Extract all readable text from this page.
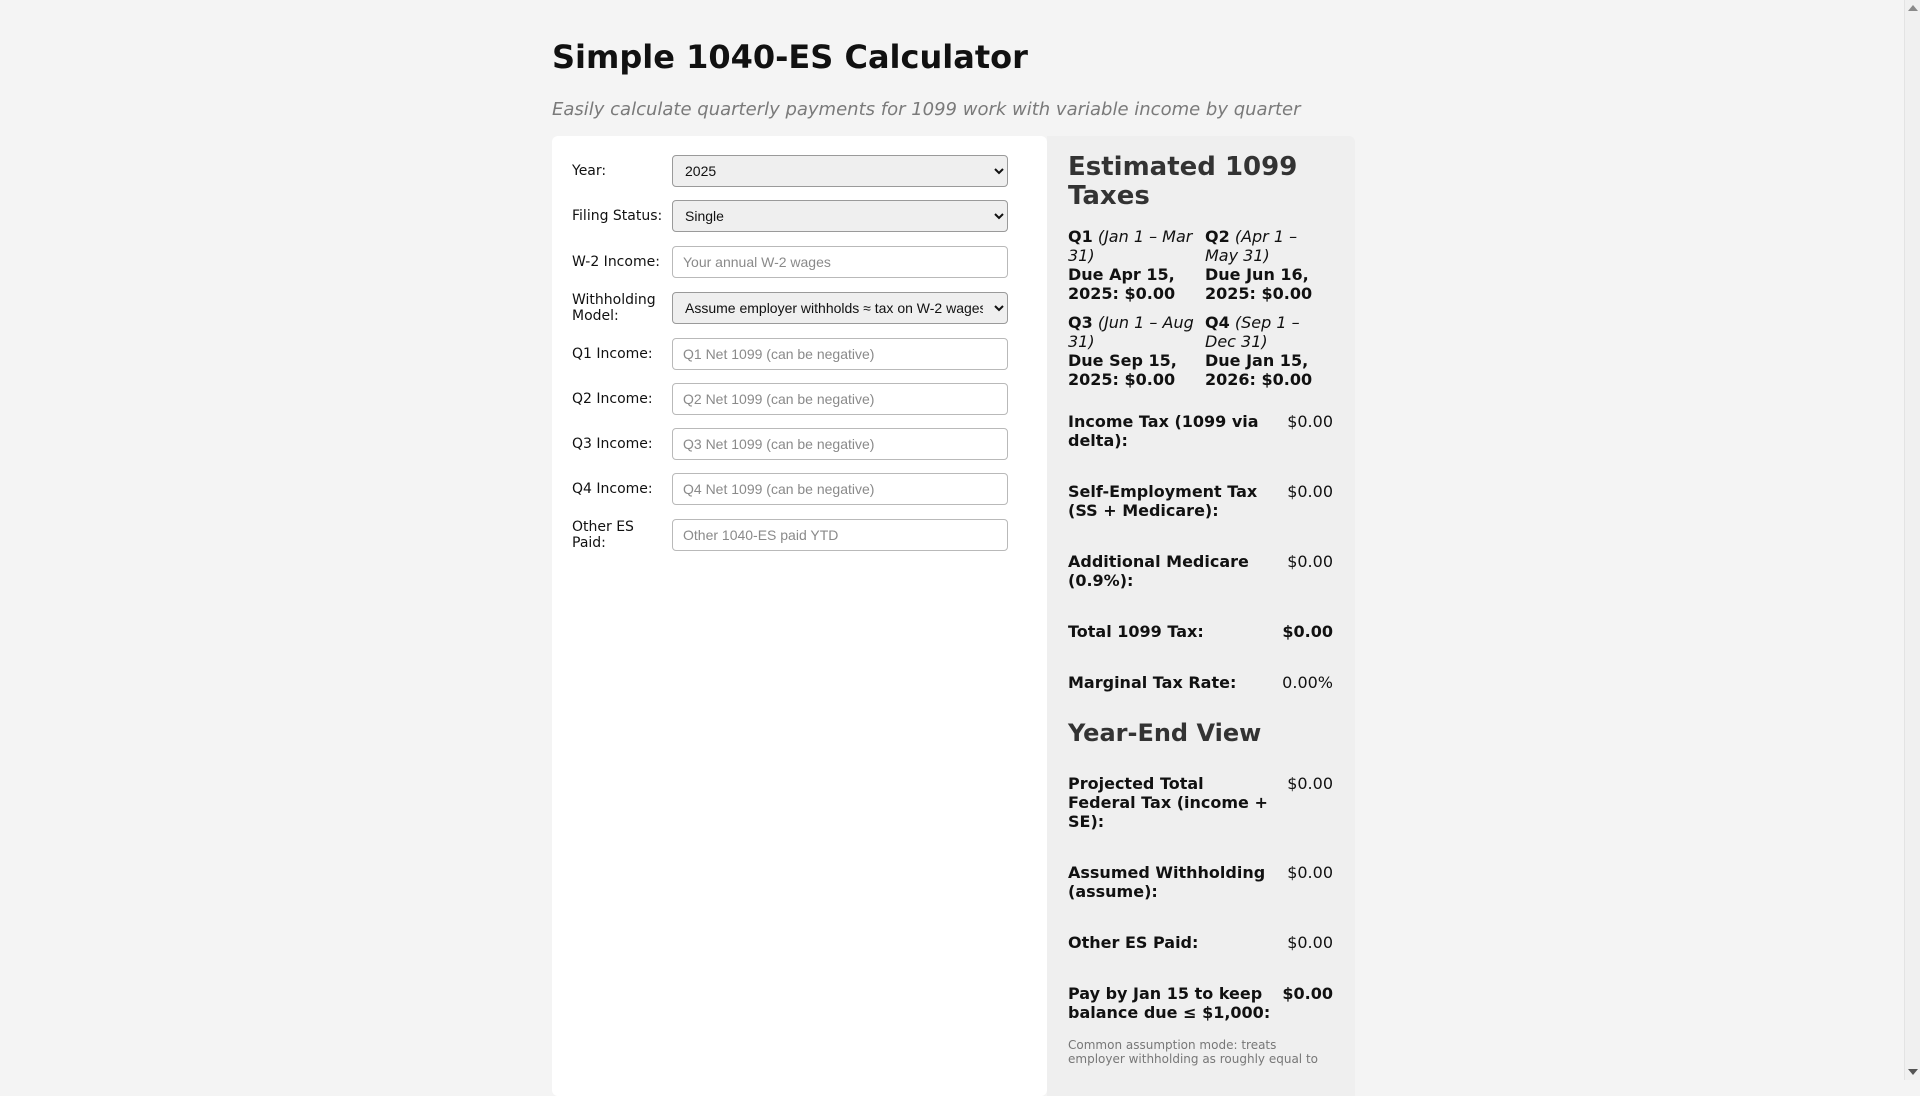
Simple 1040-ES Calculator
Easily calculate quarterly payments for 1099 work with variable income by quarter
Year:
2025
Filing Status:
Single
W-2 Income:
Your annual W-2 wages
Withholding Model:
Assume employer withholds ≈ tax on W-2 wages
Q1 Income:
Q1 Net 1099 (can be negative)
Q2 Income:
Q2 Net 1099 (can be negative)
Q3 Income:
Q3 Net 1099 (can be negative)
Q4 Income:
Q4 Net 1099 (can be negative)
Other ES Paid:
Other 1040-ES paid YTD
Estimated 1099 Taxes
Q1 (Jan 1 – Mar 31)
Due Apr 15, 2025: $0.00
Q2 (Apr 1 – May 31)
Due Jun 16, 2025: $0.00
Q3 (Jun 1 – Aug 31)
Due Sep 15, 2025: $0.00
Q4 (Sep 1 – Dec 31)
Due Jan 15, 2026: $0.00
Income Tax (1099 via delta):
$0.00
Self-Employment Tax (SS + Medicare):
$0.00
Additional Medicare (0.9%):
$0.00
Total 1099 Tax:	$0.00
Marginal Tax Rate:	0.00%
Year-End View
Projected Total Federal Tax (income + SE):
$0.00
Assumed Withholding (assume):
$0.00
Other ES Paid:	$0.00
Pay by Jan 15 to keep balance due ≤ $1,000:
$0.00
Common assumption mode: treats employer withholding as roughly equal to
